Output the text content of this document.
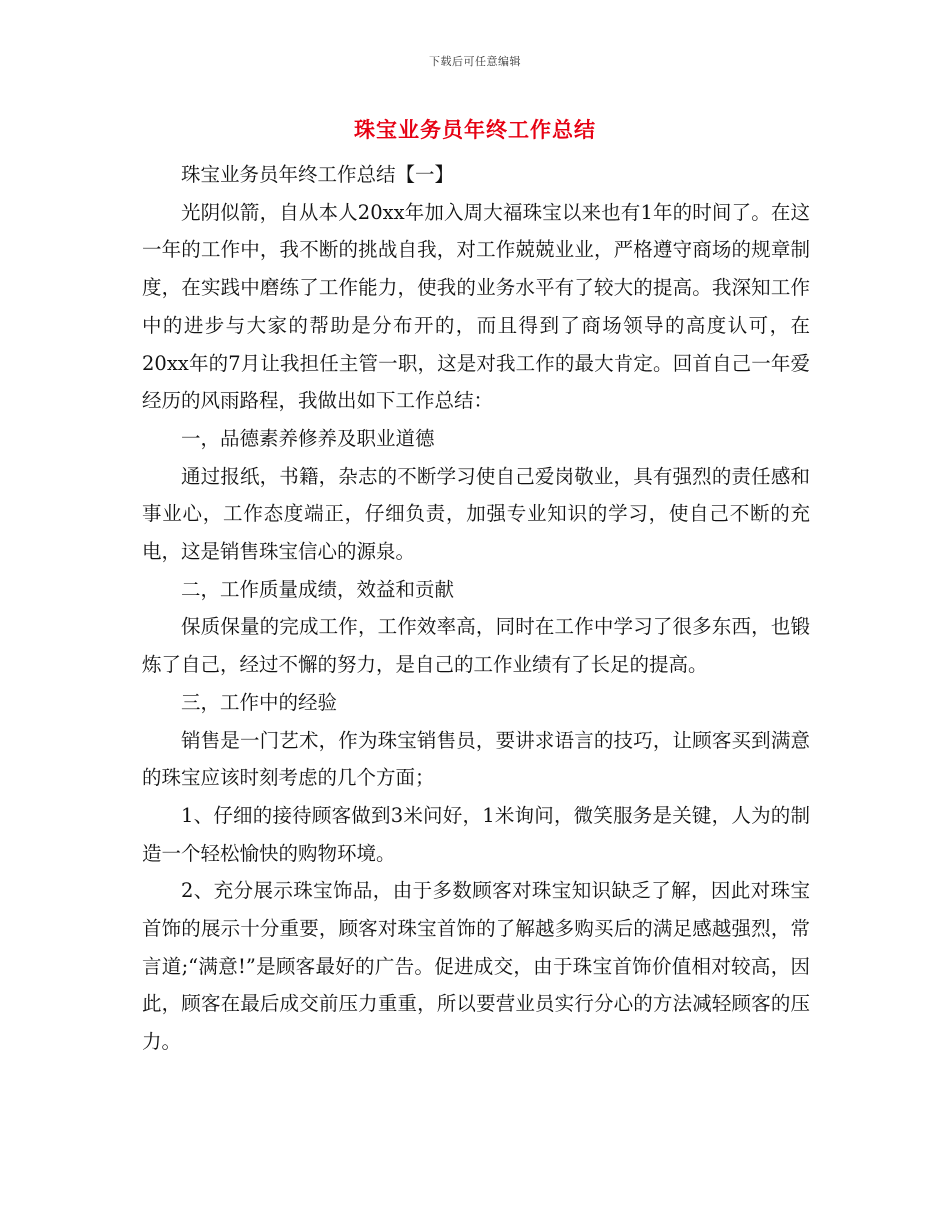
下载后可任意编辑
珠宝业务员年终工作总结

珠宝业务员年终工作总结【一】

光阴似箭，自从本人20xx年加入周大福珠宝以来也有1年的时间了。在这一年的工作中，我不断的挑战自我，对工作兢兢业业，严格遵守商场的规章制度，在实践中磨练了工作能力，使我的业务水平有了较大的提高。我深知工作中的进步与大家的帮助是分布开的，而且得到了商场领导的高度认可，在20xx年的7月让我担任主管一职，这是对我工作的最大肯定。回首自己一年爱经历的风雨路程，我做出如下工作总结：

一，品德素养修养及职业道德

通过报纸，书籍，杂志的不断学习使自己爱岗敬业，具有强烈的责任感和事业心，工作态度端正，仔细负责，加强专业知识的学习，使自己不断的充电，这是销售珠宝信心的源泉。

二，工作质量成绩，效益和贡献

保质保量的完成工作，工作效率高，同时在工作中学习了很多东西，也锻炼了自己，经过不懈的努力，是自己的工作业绩有了长足的提高。

三，工作中的经验

销售是一门艺术，作为珠宝销售员，要讲求语言的技巧，让顾客买到满意的珠宝应该时刻考虑的几个方面；

1、仔细的接待顾客做到3米问好，1米询问，微笑服务是关键，人为的制造一个轻松愉快的购物环境。

2、充分展示珠宝饰品，由于多数顾客对珠宝知识缺乏了解，因此对珠宝首饰的展示十分重要，顾客对珠宝首饰的了解越多购买后的满足感越强烈，常言道;“满意!”是顾客最好的广告。促进成交，由于珠宝首饰价值相对较高，因此，顾客在最后成交前压力重重，所以要营业员实行分心的方法减轻顾客的压力。
